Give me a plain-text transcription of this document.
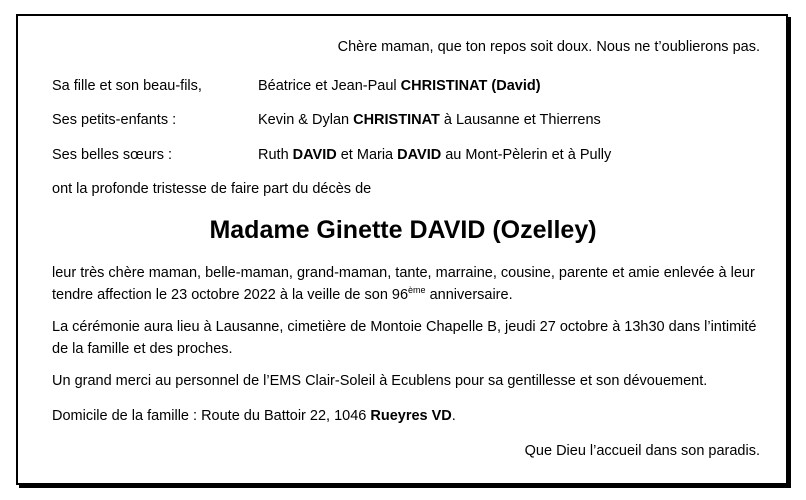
Chère maman, que ton repos soit doux. Nous ne t’oublierons pas.
Sa fille et son beau-fils,	Béatrice et Jean-Paul CHRISTINAT (David)
Ses petits-enfants :	Kevin & Dylan CHRISTINAT à Lausanne et Thierrens
Ses belles sœurs :	Ruth DAVID et Maria DAVID au Mont-Pèlerin et à Pully
ont la profonde tristesse de faire part du décès de
Madame Ginette DAVID (Ozelley)
leur très chère maman, belle-maman, grand-maman, tante, marraine, cousine, parente et amie enlevée à leur tendre affection le 23 octobre 2022 à la veille de son 96ème anniversaire.
La cérémonie aura lieu à Lausanne, cimetière de Montoie Chapelle B, jeudi 27 octobre à 13h30 dans l’intimité de la famille et des proches.
Un grand merci au personnel de l’EMS Clair-Soleil à Ecublens pour sa gentillesse et son dévouement.
Domicile de la famille : Route du Battoir 22, 1046 Rueyres VD.
Que Dieu l’accueil dans son paradis.
